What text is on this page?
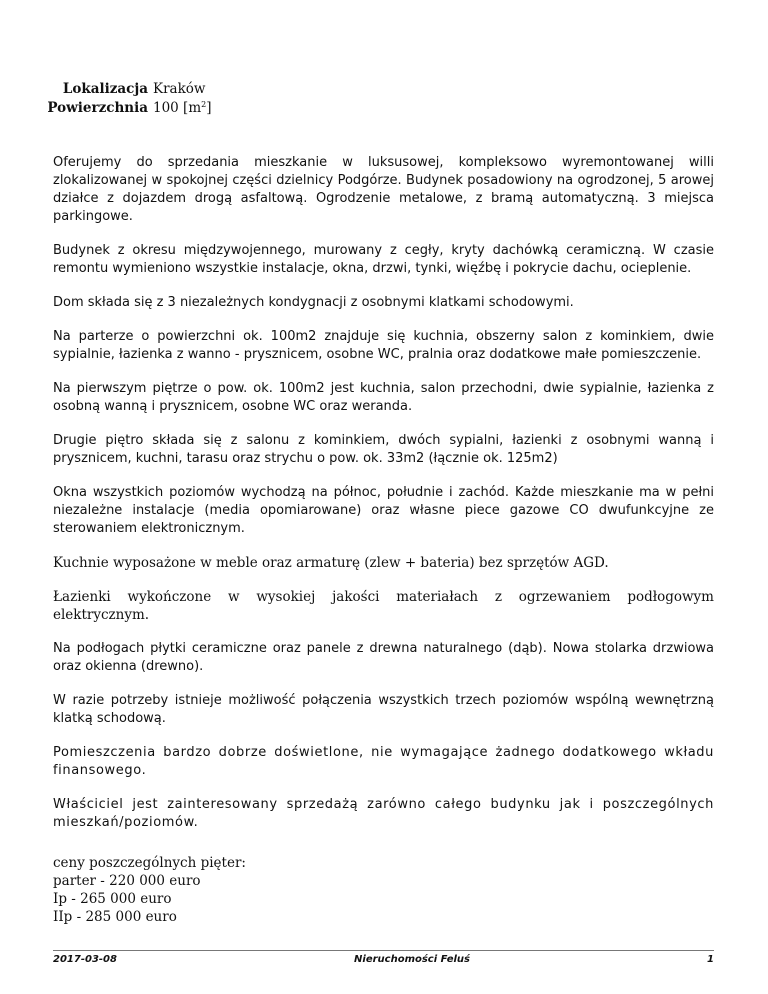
Lokalizacja Kraków
Powierzchnia 100 $[m^2]$

Oferujemy do sprzedania mieszkanie w luksusowej, kompleksowo wyremontowanej willi zlokalizowanej w spokojnej części dzielnicy Podgórze. Budynek posadowiony na ogrodzonej, 5 arowej działce z dojazdem drogą asfaltową. Ogrodzenie metalowe, z bramą automatyczną. 3 miejsca parkingowe.

Budynek z okresu międzywojennego, murowany z cegły, kryty dachówką ceramiczną. W czasie remontu wymieniono wszystkie instalacje, okna, drzwi, tynki, więźbę i pokrycie dachu, ocieplenie.

Dom składa się z 3 niezależnych kondygnacji z osobnymi klatkami schodowymi.

Na parterze o powierzchni ok. 100m2 znajduje się kuchnia, obszerny salon z kominkiem, dwie sypialnie, łazienka z wanno - prysznicem, osobne WC, pralnia oraz dodatkowe małe pomieszczenie.

Na pierwszym piętrze o pow. ok. 100m2 jest kuchnia, salon przechodni, dwie sypialnie, łazienka z osobną wanną i prysznicem, osobne WC oraz weranda.

Drugie piętro składa się z salonu z kominkiem, dwóch sypialni, łazienki z osobnymi wanną i prysznicem, kuchni, tarasu oraz strychu o pow. ok. 33m2 (łącznie ok. 125m2)

Okna wszystkich poziomów wychodzą na północ, południe i zachód. Każde mieszkanie ma w pełni niezależne instalacje (media opomiarowane) oraz własne piece gazowe CO dwufunkcyjne ze sterowaniem elektronicznym.

Kuchnie wyposażone w meble oraz armaturę (zlew + bateria) bez sprzętów AGD.

Łazienki wykończone w wysokiej jakości materiałach z ogrzewaniem podłogowym elektrycznym.

Na podłogach płytki ceramiczne oraz panele z drewna naturalnego (dąb). Nowa stolarka drzwiowa oraz okienna (drewno).

W razie potrzeby istnieje możliwość połączenia wszystkich trzech poziomów wspólną wewnętrzną klatką schodową.

Pomieszczenia bardzo dobrze doświetlone, nie wymagające żadnego dodatkowego wkładu finansowego.

Właściciel jest zainteresowany sprzedażą zarówno całego budynku jak i poszczególnych mieszkań/poziomów.

ceny poszczególnych pięter:
parter - 220 000 euro
Ip - 265 000 euro
IIp - 285 000 euro
2017-03-08	Nieruchomości Feluś	1
